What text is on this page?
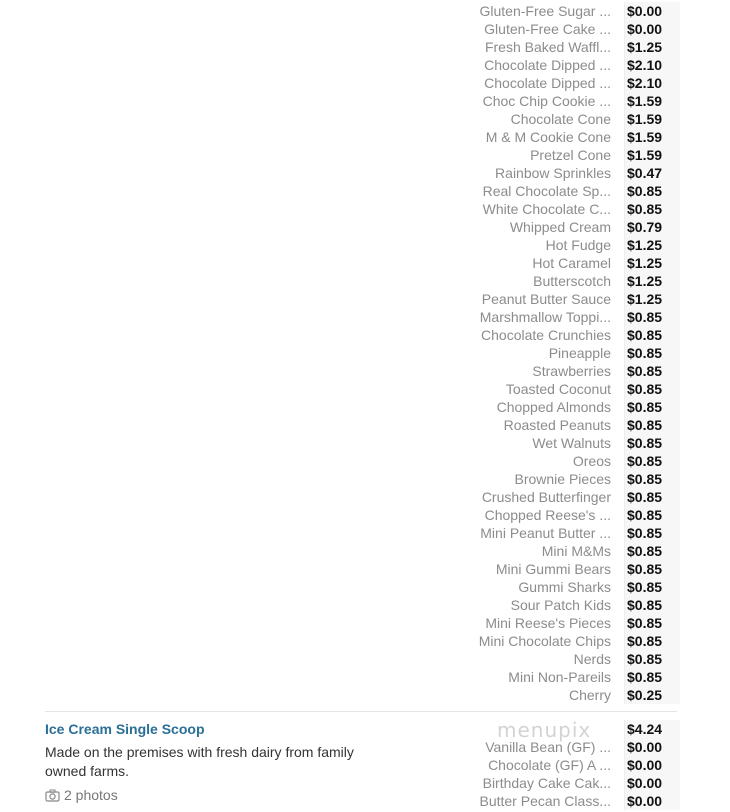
Gluten-Free Sugar ... $0.00
Gluten-Free Cake ... $0.00
Fresh Baked Waffl... $1.25
Chocolate Dipped ... $2.10
Chocolate Dipped ... $2.10
Choc Chip Cookie ... $1.59
Chocolate Cone $1.59
M & M Cookie Cone $1.59
Pretzel Cone $1.59
Rainbow Sprinkles $0.47
Real Chocolate Sp... $0.85
White Chocolate C... $0.85
Whipped Cream $0.79
Hot Fudge $1.25
Hot Caramel $1.25
Butterscotch $1.25
Peanut Butter Sauce $1.25
Marshmallow Toppi... $0.85
Chocolate Crunchies $0.85
Pineapple $0.85
Strawberries $0.85
Toasted Coconut $0.85
Chopped Almonds $0.85
Roasted Peanuts $0.85
Wet Walnuts $0.85
Oreos $0.85
Brownie Pieces $0.85
Crushed Butterfinger $0.85
Chopped Reese's ... $0.85
Mini Peanut Butter ... $0.85
Mini M&Ms $0.85
Mini Gummi Bears $0.85
Gummi Sharks $0.85
Sour Patch Kids $0.85
Mini Reese's Pieces $0.85
Mini Chocolate Chips $0.85
Nerds $0.85
Mini Non-Pareils $0.85
Cherry $0.25
Ice Cream Single Scoop
Made on the premises with fresh dairy from family owned farms.
2 photos
menupix	$4.24
Vanilla Bean (GF) ... $0.00
Chocolate (GF) A ... $0.00
Birthday Cake Cak... $0.00
Butter Pecan Class... $0.00
